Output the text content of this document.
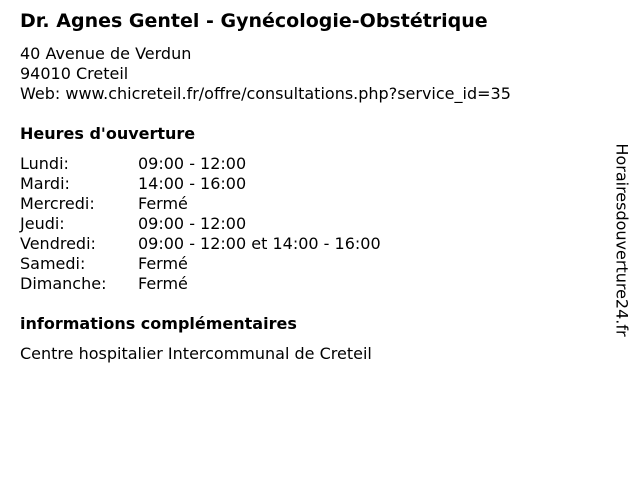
Dr. Agnes Gentel - Gynécologie-Obstétrique
40 Avenue de Verdun
94010 Creteil
Web: www.chicreteil.fr/offre/consultations.php?service_id=35
Heures d'ouverture
Lundi:	09:00 - 12:00
Mardi:	14:00 - 16:00
Mercredi:	Fermé
Jeudi:	09:00 - 12:00
Vendredi:	09:00 - 12:00 et 14:00 - 16:00
Samedi:	Fermé
Dimanche: Fermé
informations complémentaires
Centre hospitalier Intercommunal de Creteil
Horairesdouverture24.fr
